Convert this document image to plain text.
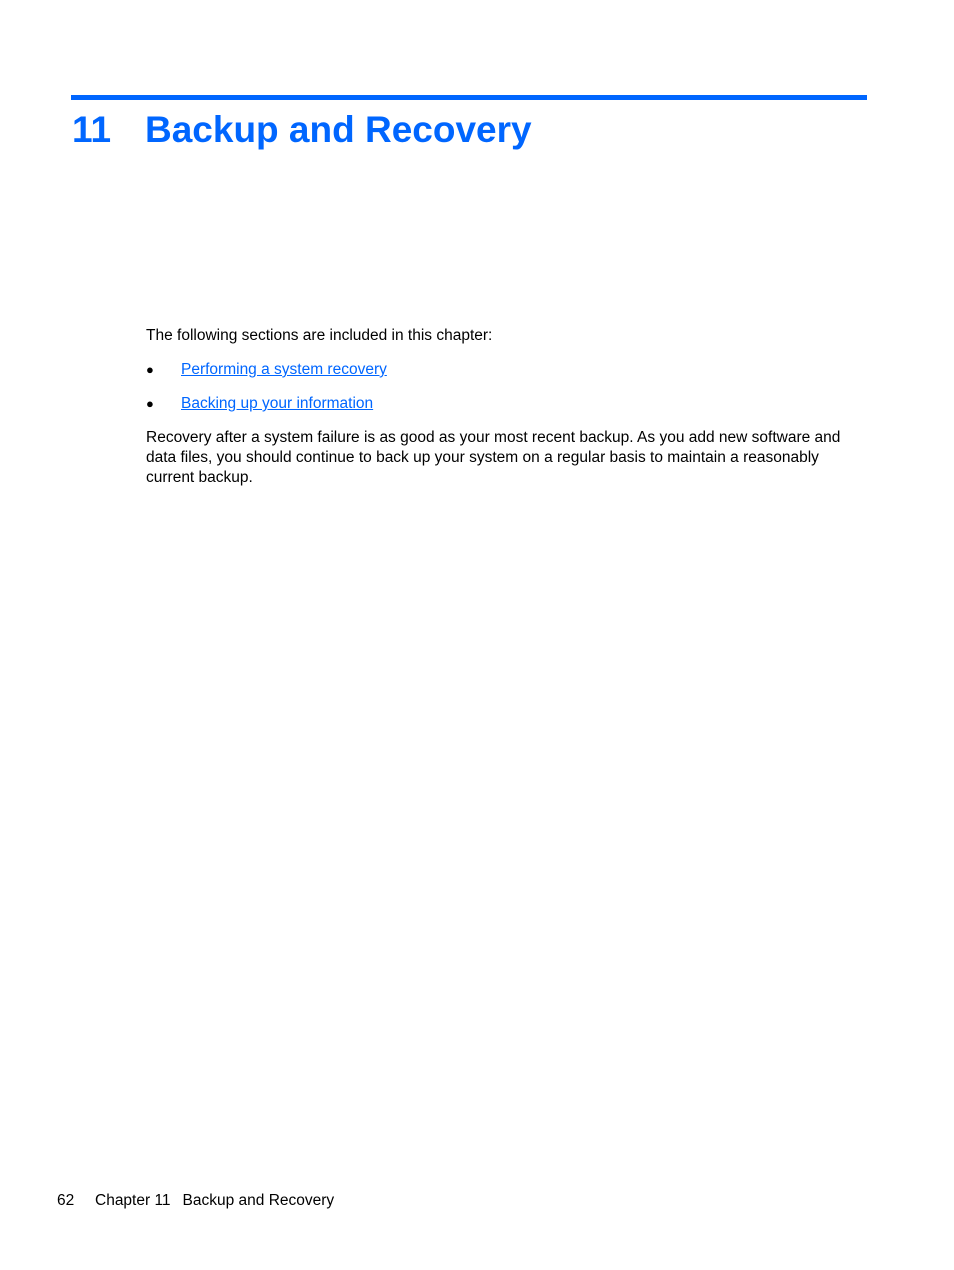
11 Backup and Recovery

The following sections are included in this chapter:

● Performing a system recovery
● Backing up your information

Recovery after a system failure is as good as your most recent backup. As you add new software and data files, you should continue to back up your system on a regular basis to maintain a reasonably current backup.

62 Chapter 11 Backup and Recovery
